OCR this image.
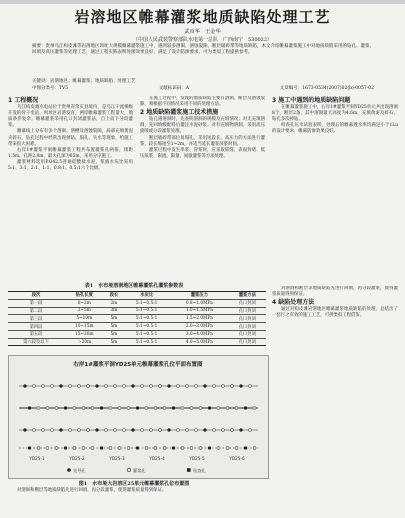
岩溶地区帷幕灌浆地质缺陷处理工艺
武章华　王金华
（中国人民武装警察部队水电第一总队　广西南宁　530022）
摘要：贵州乌江构皮滩等岩溶地区坝址大规模帷幕灌浆施工中，遇到较多溶洞、溶蚀裂隙、断层破碎带等地质缺陷，本文介绍帷幕灌浆施工中对地质缺陷采用的钻孔、灌浆、回填及高压灌浆等处理工艺，通过工程实践表明处理效果良好，满足了设计防渗要求，可为类似工程提供参考。
关键词：岩溶地区；帷幕灌浆；地质缺陷；处理工艺
中图分类号：TV5	文献标识码：A	文章编号：1673-0534(2007)02(b)-0057-02
1 工程概况

乌江构皮滩水电站位于贵州省余庆县境内，是乌江干流梯级开发的骨干电站，坝址区岩溶发育，两岸帷幕灌浆工程量大，地质条件复杂。帷幕灌浆采用孔口封闭灌浆法，自上而下分段灌浆。

帷幕线上分布有多个溶洞、溶槽及溶蚀裂隙，局部充填黄泥夹碎石，钻孔过程中经常出现掉钻、塌孔、失水等现象，给施工带来很大困难。

右岸1#灌浆平洞帷幕灌浆工程共布置灌浆孔两排，排距1.5m，孔距2.0m，最大孔深为85m，采用分序施工。

灌浆材料选用P.O42.5普通硅酸盐水泥，浆液水灰比采用5:1、3:1、2:1、1:1、0.8:1、0.5:1六个比级。

在施工过程中，发现的地质缺陷主要有溶洞、断层及溶蚀裂隙，须根据不同情况采用不同的处理方法。

2 地质缺陷灌浆施工技术措施

钻孔遇溶洞时，先查明溶洞的规模及充填情况；对无充填溶洞，先回填级配料后灌注水泥砂浆；对有充填物溶洞，采用高压旋喷或分段灌浆处理。

断层破碎带部位易塌孔，采用短段长、高压力的方法进行灌浆，段长缩短至1~2m，并适当延长灌浆屏浆时间。

灌浆过程中发生串浆、冒浆时，应采取嵌缝、表面封堵、低压浓浆、限流、限量、间歇灌浆等方法处理。

3 施工中遇到的地质缺陷问题

在帷幕灌浆施工中，右岸1#灌浆平洞YD25单元共出现溶洞8个，断层2条，其中溶洞最大高度为4.6m，充填黄泥及碎石，钻孔多次掉钻。

检查孔压水试验表明，处理后的帷幕透水率均满足小于1Lu的设计要求，帷幕防渗效果良好。

对溶洞和断层等地质缺陷先进行回填，再分段灌浆，使得灌浆质量得到保证。

4 缺陷处理方法

通过对构皮滩岩溶地区帷幕灌浆地质缺陷的处理，总结出了一套行之有效的施工工艺，可供类似工程借鉴。

表1　水布垭溶洞地区帷幕灌浆孔灌浆参数表
段次	钻孔长度	段长	水灰比	灌浆压力	灌浆方法
第一段	0~2m	2m	5:1~0.5:1	0.8~1.0MPa	孔口封闭
第二段	2~5m	3m	5:1~0.5:1	1.0~1.5MPa	孔口封闭
第三段	5~10m	5m	5:1~0.5:1	1.5~2.0MPa	孔口封闭
第四段	10~15m	5m	5:1~0.5:1	2.0~3.0MPa	孔口封闭
第五段	15~20m	5m	5:1~0.5:1	3.0~4.0MPa	孔口封闭
第六段及以下	＞20m	5m	5:1~0.5:1	4.0~5.0MPa	孔口封闭
右岸1#灌浆平洞YD25单元帷幕灌浆孔位平面布置图
YD25-1	YD25-2	YD25-3	YD25-4	YD25-5	YD25-6
先导孔	灌浆孔	检查孔
图1　水布垭大岩溶区25单元帷幕灌浆孔位布置图

对溶洞和断层等地质缺陷先进行回填，再分段灌浆，使得灌浆质量得到保证。
